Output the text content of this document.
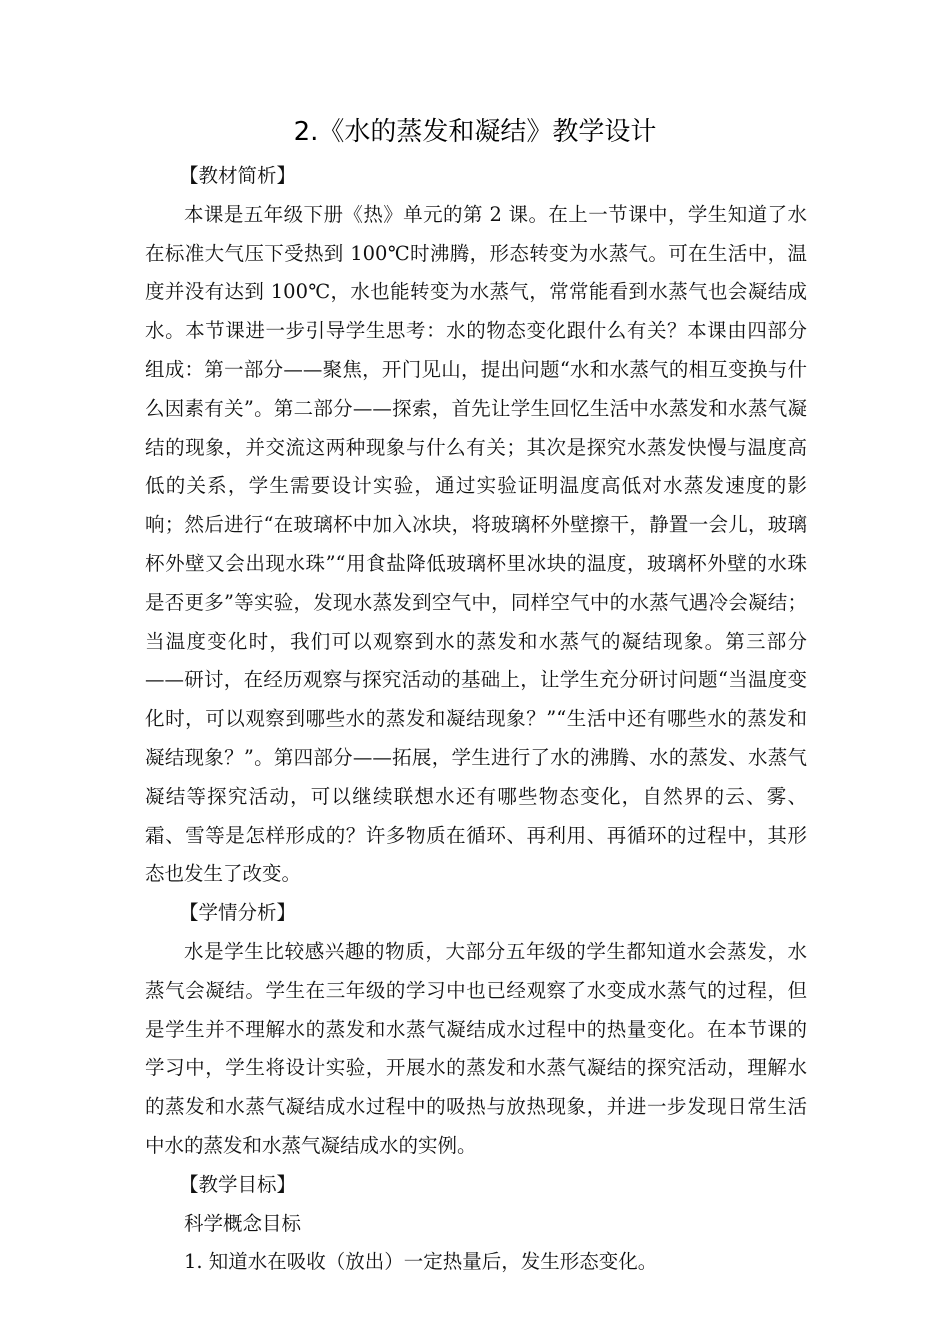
2.《水的蒸发和凝结》教学设计

【教材简析】

本课是五年级下册《热》单元的第 2 课。在上一节课中，学生知道了水在标准大气压下受热到 100℃时沸腾，形态转变为水蒸气。可在生活中，温度并没有达到 100℃，水也能转变为水蒸气，常常能看到水蒸气也会凝结成水。本节课进一步引导学生思考：水的物态变化跟什么有关？本课由四部分组成：第一部分——聚焦，开门见山，提出问题“水和水蒸气的相互变换与什么因素有关”。第二部分——探索，首先让学生回忆生活中水蒸发和水蒸气凝结的现象，并交流这两种现象与什么有关；其次是探究水蒸发快慢与温度高低的关系，学生需要设计实验，通过实验证明温度高低对水蒸发速度的影响；然后进行“在玻璃杯中加入冰块，将玻璃杯外壁擦干，静置一会儿，玻璃杯外壁又会出现水珠”“用食盐降低玻璃杯里冰块的温度，玻璃杯外壁的水珠是否更多”等实验，发现水蒸发到空气中，同样空气中的水蒸气遇冷会凝结；当温度变化时，我们可以观察到水的蒸发和水蒸气的凝结现象。第三部分——研讨，在经历观察与探究活动的基础上，让学生充分研讨问题“当温度变化时，可以观察到哪些水的蒸发和凝结现象？”“生活中还有哪些水的蒸发和凝结现象？”。第四部分——拓展，学生进行了水的沸腾、水的蒸发、水蒸气凝结等探究活动，可以继续联想水还有哪些物态变化，自然界的云、雾、霜、雪等是怎样形成的？许多物质在循环、再利用、再循环的过程中，其形态也发生了改变。

【学情分析】

水是学生比较感兴趣的物质，大部分五年级的学生都知道水会蒸发，水蒸气会凝结。学生在三年级的学习中也已经观察了水变成水蒸气的过程，但是学生并不理解水的蒸发和水蒸气凝结成水过程中的热量变化。在本节课的学习中，学生将设计实验，开展水的蒸发和水蒸气凝结的探究活动，理解水的蒸发和水蒸气凝结成水过程中的吸热与放热现象，并进一步发现日常生活中水的蒸发和水蒸气凝结成水的实例。

【教学目标】

科学概念目标

1. 知道水在吸收（放出）一定热量后，发生形态变化。
